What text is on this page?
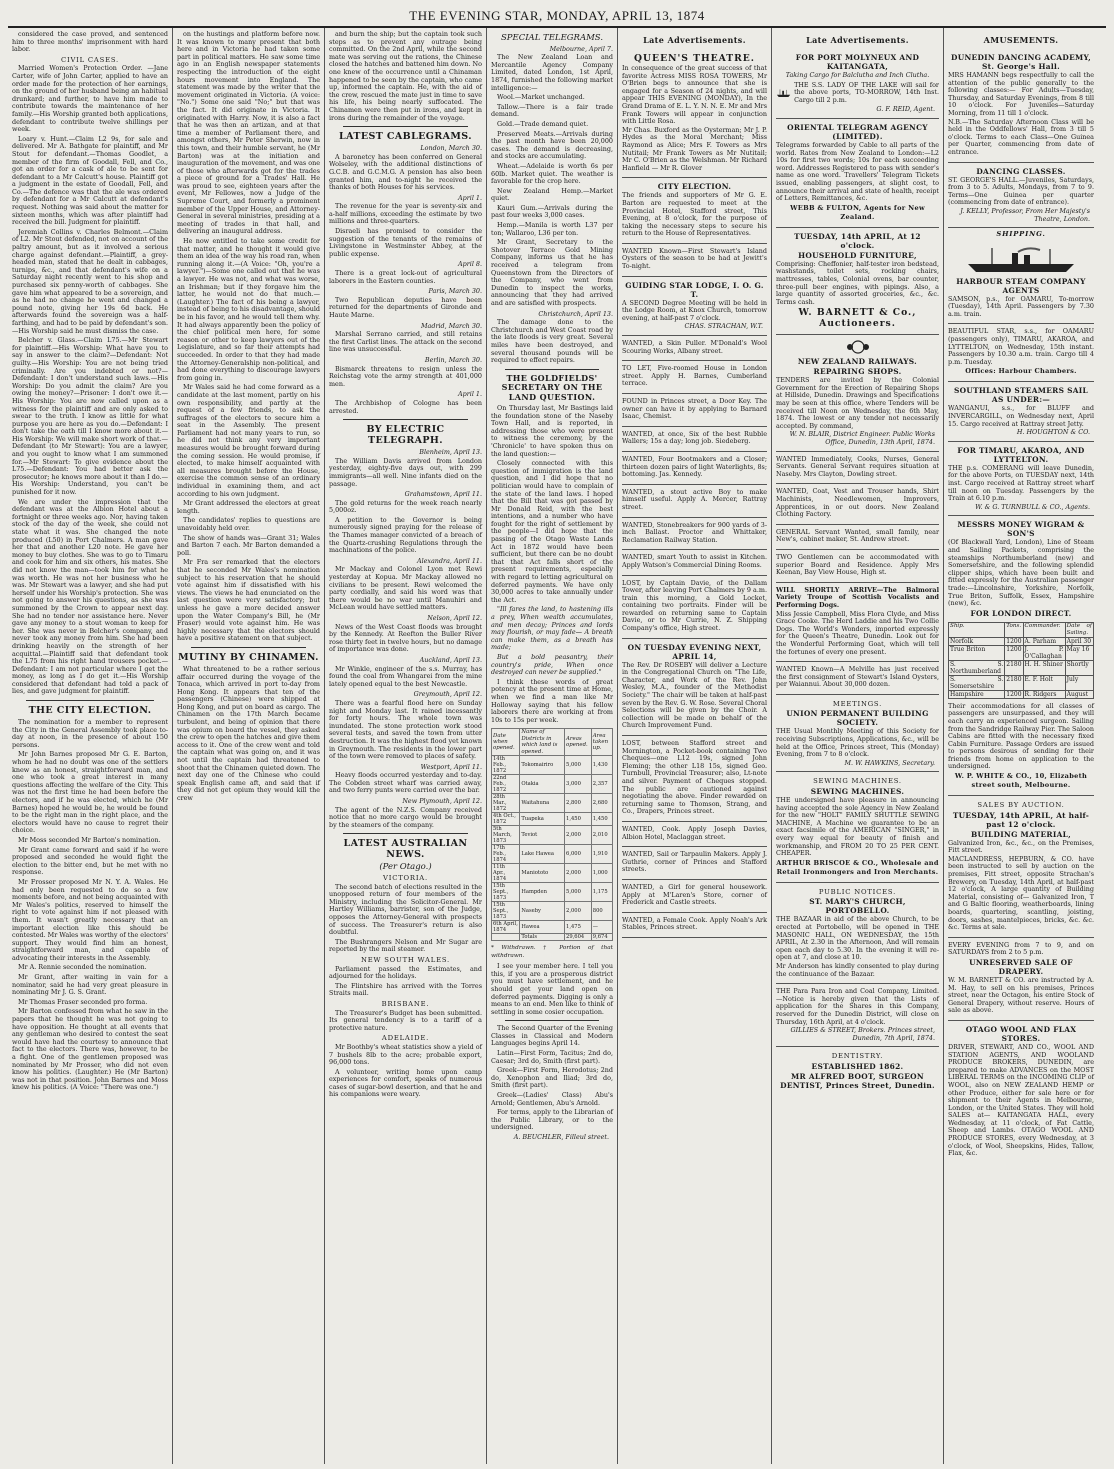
THE EVENING STAR, MONDAY, APRIL 13, 1874

considered the case proved, and sentenced him to three months' imprisonment with hard labor.

CIVIL CASES.

Married Women's Protection Order. —Jane Carter, wife of John Carter, applied to have an order made for the protection of her earnings, on the ground of her husband being an habitual drunkard; and further, to have him made to contribute towards the maintenance of her family.—His Worship granted both applications, defendant to contribute twelve shillings per week.

Loary v. Hunt.—Claim L2 9s, for sale and delivered. Mr A. Bathgate for plaintiff, and Mr Stout for defendant.—Thomas Goodlet, a member of the firm of Goodall, Fell, and Co., got an order for a cask of ale to be sent for defendant to a Mr Calcutt's house. Plaintiff got a judgment in the estate of Goodall, Fell, and Co.—The defence was that the ale was ordered by defendant for a Mr Calcutt at defendant's request. Nothing was said about the matter for sixteen months, which was after plaintiff had received the bill. Judgment for plaintiff.

Jeremiah Collins v. Charles Belmont.—Claim of L2. Mr Stout defended, not on account of the paltry amount, but as it involved a serious charge against defendant.—Plaintiff, a grey-headed man, stated that he dealt in cabbages, turnips, &c., and that defendant's wife on a Saturday night recently went to his shop and purchased six penny-worth of cabbages. She gave him what appeared to be a sovereign, and as he had no change he went and changed a pound note, giving her 19s 6d back. He afterwards found the sovereign was a half-farthing, and had to be paid by defendant's son.—His Worship said he must dismiss the case.

Belcher v. Glass.—Claim L75.—Mr Stewart for plaintiff.—His Worship: What have you to say in answer to the claim?—Defendant: Not guilty.—His Worship: You are not being tried criminally. Are you indebted or not?—Defendant: I don't understand such laws.—His Worship: Do you admit the claim? Are you owing the money?—Prisoner: I don't owe it.—His Worship: You are now called upon as a witness for the plaintiff and are only asked to swear to the truth. I know as little for what purpose you are here as you do.—Defendant: I don't take the oath till I know more about it.—His Worship: We will make short work of that.—Defendant (to Mr Stewart): You are a lawyer, and you ought to know what I am summoned for.—Mr Stewart: To give evidence about the L75.—Defendant: You had better ask the prosecutor; he knows more about it than I do.—His Worship: Understand, you can't be punished for it now.

We are under the impression that the defendant was at the Albion Hotel about a fortnight or three weeks ago. Nor, having taken stock of the day of the week, she could not state what it was. She changed the note produced (L50) in Port Chalmers. A man gave her that and another L20 note. He gave her money to buy clothes. She was to go to Timaru and cook for him and six others, his mates. She did not know the man—took him for what he was worth. He was not her business who he was. Mr Stewart was a lawyer, and she had put herself under his Worship's protection. She was not going to answer his questions, as she was summoned by the Crown to appear next day. She had no tender nor assistance here. Never gave any money to a stout woman to keep for her. She was never in Belcher's company, and never took any money from him. She had been drinking heavily on the strength of her acquittal.—Plaintiff said that defendant took the L75 from his right hand trousers pocket.—Defendant: I am not particular where I get the money, as long as I do get it.—His Worship considered that defendant had told a pack of lies, and gave judgment for plaintiff.

THE CITY ELECTION.

The nomination for a member to represent the City in the General Assembly took place to-day at noon, in the presence of about 150 persons.

Mr John Barnes proposed Mr G. E. Barton, whom he had no doubt was one of the settlers knew as an honest, straightforward man, and one who took a great interest in many questions affecting the welfare of the City. This was not the first time he had been before the electors, and if he was elected, which he (Mr Barnes) hoped he would be, he would be found to be the right man in the right place, and the electors would have no cause to regret their choice.

Mr Moss seconded Mr Barton's nomination.

Mr Grant came forward and said if he were proposed and seconded he would fight the election to the bitter end, but he met with no response.

Mr Frosser proposed Mr N. Y. A. Wales. He had only been requested to do so a few moments before, and not being acquainted with Mr Wales's politics, reserved to himself the right to vote against him if not pleased with them. It wasn't greatly necessary that an important election like this should be contested. Mr Wales was worthy of the electors' support. They would find him an honest, straightforward man, and capable of advocating their interests in the Assembly.

Mr A. Rennie seconded the nomination.

Mr Grant, after waiting in vain for a nominator, said he had very great pleasure in nominating Mr J. G. S. Grant.

Mr Thomas Fraser seconded pro forma.

Mr Barton confessed from what he saw in the papers that he thought he was not going to have opposition. He thought at all events that any gentleman who desired to contest the seat would have had the courtesy to announce that fact to the electors. There was, however, to be a fight. One of the gentlemen proposed was nominated by Mr Prosser, who did not even know his politics. (Laughter.) He (Mr Barton) was not in that position. John Barnes and Moss knew his politics. (A Voice: "There was one.")

on the hustings and platform before now. It was known to many present that both here and in Victoria he had taken some part in political matters. He saw some time ago in an English newspaper statements respecting the introduction of the eight hours movement into England. The statement was made by the writer that the movement originated in Victoria. (A voice: "No.") Some one said "No;" but that was the fact. It did originate in Victoria. It originated with Harry. Now, it is also a fact that he was then an artizan, and at that time a member of Parliament there, and amongst others, Mr Peter Sherwin, now in this town, and their humble servant, he (Mr Barton) was at the initiation and inauguration of the movement, and was one of those who afterwards got for the trades a piece of ground for a Trades' Hall. He was proud to see, eighteen years after the event, Mr Fellowes, now a Judge of the Supreme Court, and formerly a prominent member of the Upper House, and Attorney-General in several ministries, presiding at a meeting of trades in that hall, and delivering an inaugural address.

He now entitled to take some credit for that matter, and he thought it would give them an idea of the way his road ran, when running along it.—(A Voice: "Oh, you're a lawyer.")—Some one called out that he was a lawyer. He was not, and what was worse, an Irishman; but if they forgave him the latter, he would not do that much.—(Laughter.) The fact of his being a lawyer, instead of being to his disadvantage, should be in his favor, and he would tell them why. It had always apparently been the policy of the chief political men here, for some reason or other to keep lawyers out of the Legislature, and so far their attempts had succeeded. In order to that they had made the Attorney-Generalship non-political, and had done everything to discourage lawyers from going in.

Mr Wales said he had come forward as a candidate at the last moment, partly on his own responsibility, and partly at the request of a few friends, to ask the suffrages of the electors to secure him a seat in the Assembly. The present Parliament had not many years to run, so he did not think any very important measures would be brought forward during the coming session. He would promise, if elected, to make himself acquainted with all measures brought before the House, exercise the common sense of an ordinary individual in examining them, and act according to his own judgment.

Mr Grant addressed the electors at great length.

The candidates' replies to questions are unavoidably held over.

The show of hands was—Grant 31; Wales and Barton 7 each. Mr Barton demanded a poll.

Mr Fra ser remarked that the electors that he seconded Mr Wales's nomination subject to his reservation that he should vote against him if dissatisfied with his views. The views he had enunciated on the last question were very satisfactory; but unless he gave a more decided answer upon the Water Company's Bill, he (Mr Fraser) would vote against him. He was highly necessary that the electors should have a positive statement on that subject.

MUTINY BY CHINAMEN.

What threatened to be a rather serious affair occurred during the voyage of the Tonaca, which arrived in port to-day from Hong Kong. It appears that ten of the passengers (Chinese) were shipped at Hong Kong, and put on board as cargo. The Chinamen on the 17th March became turbulent, and being of opinion that there was opium on board the vessel, they asked the crew to open the hatches and give them access to it. One of the crew went and told the captain what was going on, and it was not until the captain had threatened to shoot that the Chinamen quieted down. The next day one of the Chinese who could speak English came aft, and said that if they did not get opium they would kill the crew

and burn the ship; but the captain took such steps as to prevent any outrage being committed. On the 2nd April, while the second mate was serving out the rations, the Chinese closed the hatches and battened him down. No one knew of the occurrence until a Chinaman happened to be seen by the captain, who came up, informed the captain. He, with the aid of the crew, rescued the mate just in time to save his life, his being nearly suffocated. The Chinamen were then put in irons, and kept in irons during the remainder of the voyage.

LATEST CABLEGRAMS.
London, March 30.

A baronetcy has been conferred on General Wolseley, with the additional distinctions of G.C.B. and G.C.M.G. A pension has also been granted him, and to-night he received the thanks of both Houses for his services.

April 1.

The revenue for the year is seventy-six and a-half millions, exceeding the estimate by two millions and three-quarters.

Disraeli has promised to consider the suggestion of the tenants of the remains of Livingstone in Westminster Abbey, at the public expense.

April 8.

There is a great lock-out of agricultural laborers in the Eastern counties.

Paris, March 30.

Two Republican deputies have been returned for the departments of Gironde and Haute Marne.

Madrid, March 30.

Marshal Serrano carried, and still retains the first Carlist lines. The attack on the second line was unsuccessful.

Berlin, March 30.

Bismarck threatens to resign unless the Reichstag vote the army strength at 401,000 men.

April 1.

The Archbishop of Cologne has been arrested.

BY ELECTRIC TELEGRAPH.
Blenheim, April 13.

The William Davis arrived from London yesterday, eighty-five days out, with 299 immigrants—all well. Nine infants died on the passage.

Grahamstown, April 11.

The gold returns for the week reach nearly 5,000oz.

A petition to the Governor is being numerously signed praying for the release of the Thames manager convicted of a breach of the Quartz-crushing Regulations through the machinations of the police.

Alexandra, April 11.

Mr Mackay and Colonel Lyon met Rewi yesterday at Kopua. Mr Mackay allowed no civilians to be present. Rewi welcomed the party cordially, and said his word was that there would be no war until Manuhiri and McLean would have settled matters.

Nelson, April 12.

News of the West Coast floods was brought by the Kennedy. At Reefton the Buller River rose thirty feet in twelve hours, but no damage of importance was done.

Auckland, April 13.

Mr Winkle, engineer of the s.s. Murray, has found the coal from Whangarei from the mine lately opened equal to the best Newcastle.

Greymouth, April 12.

There was a fearful flood here on Sunday night and Monday last. It rained incessantly for forty hours. The whole town was inundated. The stone protection work stood several tests, and saved the town from utter destruction. It was the highest flood yet known in Greymouth. The residents in the lower part of the town were removed to places of safety.

Westport, April 11.

Heavy floods occurred yesterday and to-day. The Cobden street wharf was carried away, and two ferry punts were carried over the bar.

New Plymouth, April 12.

The agent of the N.Z.S. Company received notice that no more cargo would be brought by the steamers of the company.

LATEST AUSTRALIAN NEWS.
(Per Otago.)
VICTORIA.

The second batch of elections resulted in the unopposed return of four members of the Ministry, including the Solicitor-General. Mr Hartley Williams, barrister, son of the Judge, opposes the Attorney-General with prospects of success. The Treasurer's return is also doubtful.

The Bushrangers Nelson and Mr Sugar are reported by the mail steamer.

NEW SOUTH WALES.

Parliament passed the Estimates, and adjourned for the holidays.

The Flintshire has arrived with the Torres Straits mail.

BRISBANE.

The Treasurer's Budget has been submitted. Its general tendency is to a tariff of a protective nature.

ADELAIDE.

Mr Boothby's wheat statistics show a yield of 7 bushels 8lb to the acre; probable export, 96,000 tons.

A volunteer, writing home upon camp experiences for comfort, speaks of numerous cases of sugar-bowl desertion, and that he and his companions were weary.

SPECIAL TELEGRAMS.
Melbourne, April 7.

The New Zealand Loan and Mercantile Agency Company Limited, dated London, 1st April, 1874, furnished the following market intelligence:—

Wool.—Market unchanged.

Tallow.—There is a fair trade demand.

Gold.—Trade demand quiet.

Preserved Meats.—Arrivals during the past month have been 20,000 cases. The demand is decreasing, and stocks are accumulating.

Wheat.—Adelaide is worth 6s per 60lb. Market quiet. The weather is favorable for the crop here.

New Zealand Hemp.—Market quiet.

Kauri Gum.—Arrivals during the past four weeks 3,000 cases.

Hemp.—Manila is worth L37 per ton; Wallaroo, L36 per ton.

Mr Grant, Secretary to the Shotover Terrace Gold Mining Company, informs us that he has received a telegram from Queenstown from the Directors of the Company, who went from Dunedin to inspect the works, announcing that they had arrived and are satisfied with prospects.

Christchurch, April 13.

The damage done to the Christchurch and West Coast road by the late floods is very great. Several miles have been destroyed, and several thousand pounds will be required to effect repairs.

THE GOLDFIELDS' SECRETARY ON THE LAND QUESTION.

On Thursday last, Mr Bastings laid the foundation stone of the Naseby Town Hall, and is reported, in addressing those who were present to witness the ceremony, by the 'Chronicle' to have spoken thus on the land question:—

Closely connected with this question of immigration is the land question, and I did hope that no politician would have to complain of the state of the land laws. I hoped that the Bill that was got passed by Mr Donald Reid, with the best intentions, and a number who have fought for the right of settlement by the people—I did hope that the passing of the Otago Waste Lands Act in 1872 would have been sufficient, but there can be no doubt that that Act falls short of the present requirements, especially with regard to letting agricultural on deferred payments. We have only 30,000 acres to take annually under the Act.

"Ill fares the land, to hastening ills a prey, When wealth accumulates, and men decay; Princes and lords may flourish, or may fade— A breath can make them, as a breath has made;

But a bold peasantry, their country's pride, When once destroyed can never be supplied."

I think these words of great potency at the present time at Home, when we find a man like Mr Holloway saying that his fellow laborers there are working at from 10s to 15s per week.

Date when opened.	Name of Districts in which land is opened.	Areas opened.	Area taken up.
14th Feb., 1872	Tokomairiro	5,000	1,430
22nd Feb., 1872	Otakia	3,000	2,357
28th Mar., 1872	Waitahuna	2,800	2,680
4th Oct., 1872	Tuapeka	1,450	1,450
5th March, 1873	Teviot	2,000	2,010
17th Feb., 1874	Lake Hawea	6,000	1,910
11th Apr., 1874	Maniototo	2,000	1,000
15th Sept., 1873	Hampden	5,000	1,175
15th Sept., 1873	Naseby	2,000	800
6th April, 1874	Hawea	1,475	—
	Totals	29,604	9,674
* Withdrawn. † Portion of that withdrawn.

I see your member here. I tell you this, if you are a prosperous district you must have settlement, and he should get your land open on deferred payments. Digging is only a means to an end. Men like to think of settling in some cosier occupation.

The Second Quarter of the Evening Classes in Classical and Modern Languages begins April 14.

Latin—First Form, Tacitus; 2nd do, Caesar; 3rd do, Smith (first part).

Greek—First Form, Herodotus; 2nd do, Xenophon and Iliad; 3rd do, Smith (first part).

Greek—(Ladies' Class) Abu's Arnold; Gentlemen, Abu's Arnold.

For terms, apply to the Librarian of the Public Library, or to the undersigned.

A. BEUCHLER, Filleul street.
Late Advertisements.
QUEEN'S THEATRE.

In consequence of the great success of that favorite Actress MISS ROSA TOWERS, Mr O'Brien begs to announce that she is engaged for a Season of 24 nights, and will appear THIS EVENING (MONDAY), In the Grand Drama of E. L. Y. N. N. E. Mr and Mrs Frank Towers will appear in conjunction with Little Rosa.

Mr Chas. Buxford as the Oysterman; Mr J. P. Hydes as the Moral Merchant; Miss Raymond as Alice; Mrs F. Towers as Mrs Nutitail; Mr Frank Towers as Mr Nutitail; Mr C. O'Brien as the Welshman. Mr Richard Hanfield — Mr R. Glover

CITY ELECTION.

The friends and supporters of Mr G. E. Barton are requested to meet at the Provincial Hotel, Stafford street, This Evening, at 8 o'clock, for the purpose of taking the necessary steps to secure his return to the House of Representatives.

WANTED Known—First Stewart's Island Oysters of the season to be had at Jewitt's To-night.

GUIDING STAR LODGE, I. O. G. T.

A SECOND Degree Meeting will be held in the Lodge Room, at Knox Church, tomorrow evening, at half-past 7 o'clock.

CHAS. STRACHAN, W.T.

WANTED, a Skin Puller. M'Donald's Wool Scouring Works, Albany street.

TO LET, Five-roomed House in London street. Apply H. Barnes, Cumberland terrace.

FOUND in Princes street, a Door Key. The owner can have it by applying to Barnard Isaac, Chemist.

WANTED, at once, Six of the best Rubble Wallers; 15s a day; long job. Siedeberg.

WANTED, Four Bootmakers and a Closer; thirteen dozen pairs of light Waterlights, 8s; bottoming. Jas. Kennedy.

WANTED, a stout active Boy to make himself useful. Apply A. Mercer, Rattray street.

WANTED, Stonebreakers for 900 yards of 3-inch Ballast. Proctor and Whittaker, Reclamation Railway Station.

WANTED, smart Youth to assist in Kitchen. Apply Watson's Commercial Dining Rooms.

LOST, by Captain Davie, of the Dallam Tower, after leaving Port Chalmers by 9 a.m. train this morning, a Gold Locket, containing two portraits. Finder will be rewarded on returning same to Captain Davie, or to Mr Currie, N. Z. Shipping Company's office, High street.

ON TUESDAY EVENING NEXT, APRIL 14,

The Rev. Dr ROSEBY will deliver a Lecture in the Congregational Church on "The Life, Character, and Work of the Rev. John Wesley, M.A., founder of the Methodist Society." The chair will be taken at half-past seven by the Rev. G. W. Rose. Several Choral Selections will be given by the Choir. A collection will be made on behalf of the Church Improvement Fund.

LOST, between Stafford street and Mornington, a Pocket-book containing Two Cheques—one L12 19s, signed John Fleming; the other L18 15s, signed Geo. Turnbull, Provincial Treasurer; also, Lt-note and silver. Payment of Cheques stopped. The public are cautioned against negotiating the above. Finder rewarded on returning same to Thomson, Strang, and Co., Drapers, Princes street.

WANTED, Cook. Apply Joseph Davies, Albion Hotel, Maclaggan street.

WANTED, Sail or Tarpaulin Makers. Apply J. Guthrie, corner of Princes and Stafford streets.

WANTED, a Girl for general housework. Apply at M'Laren's Store, corner of Frederick and Castle streets.

WANTED, a Female Cook. Apply Noah's Ark Stables, Princes street.

Late Advertisements.
FOR PORT MOLYNEUX AND KAITANGATA,

Taking Cargo for Balclutha and Inch Clutha.

THE S.S. LADY OF THE LAKE will sail for the above ports, TO-MORROW, 14th Inst. Cargo till 2 p.m.

G. F. REID, Agent.
ORIENTAL TELEGRAM AGENCY (LIMITED).

Telegrams forwarded by Cable to all parts of the world. Rates from New Zealand to London:—L2 10s for first two words; 10s for each succeeding word. Addresses Registered to pass with sender's name as one word. Travellers' Telegram Tickets issued, enabling passengers, at slight cost, to announce their arrival and state of health, receipt of Letters, Remittances, &c.

WEBB & FULTON, Agents for New Zealand.
TUESDAY, 14th APRIL, At 12 o'clock.
HOUSEHOLD FURNITURE,

Comprising: Cheffonier, half-tester iron bedstead, washstands, toilet sets, rocking chairs, mattresses, tables, Colonial ovens, bar counter, three-pull beer engines, with pipings. Also, a large quantity of assorted groceries, &c., &c. Terms cash.

W. BARNETT & Co., Auctioneers.
NEW ZEALAND RAILWAYS.
REPAIRING SHOPS.

TENDERS are invited by the Colonial Government for the Erection of Repairing Shops at Hillside, Dunedin. Drawings and Specifications may be seen at this office, where Tenders will be received till Noon on Wednesday, the 6th May, 1874. The lowest or any tender not necessarily accepted. By command,

W. N. BLAIR, District Engineer. Public Works Office, Dunedin, 13th April, 1874.

WANTED Immediately, Cooks, Nurses, General Servants. General Servant requires situation at Naseby. Mrs Clayton, Dowling street.

WANTED, Coat, Vest and Trouser hands, Shirt Machinists, Needlewomen, Improvers, Apprentices, in or out doors. New Zealand Clothing Factory.

GENERAL Servant Wanted, small family, near New's, cabinet maker, St. Andrew street.

TWO Gentlemen can be accommodated with superior Board and Residence. Apply Mrs Keenan, Bay View House, High st.

WILL SHORTLY ARRIVE—The Balmoral Variety Troupe of Scottish Vocalists and Performing Dogs.

Miss Jessie Campbell, Miss Flora Clyde, and Miss Grace Cooke. The Herd Laddie and his Two Collie Dogs. The World's Wonders, imported expressly for the Queen's Theatre, Dunedin. Look out for the Wonderful Performing Goat, which will tell the fortunes of every one present.

WANTED Known—A Melville has just received the first consignment of Stewart's Island Oysters, per Waiannui. About 30,000 dozen.

MEETINGS.
UNION PERMANENT BUILDING SOCIETY.

THE Usual Monthly Meeting of this Society for receiving Subscriptions, Applications, &c., will be held at the Office, Princes street, This (Monday) Evening, from 7 to 8 o'clock.

M. W. HAWKINS, Secretary.
SEWING MACHINES.
SEWING MACHINES.

THE undersigned have pleasure in announcing having accepted the sole Agency in New Zealand for the new "HOLT" FAMILY SHUTTLE SEWING MACHINE, A Machine we guarantee to be an exact facsimile of the AMERICAN "SINGER," in every way equal for beauty of finish and workmanship, and FROM 20 TO 25 PER CENT. CHEAPER.

ARTHUR BRISCOE & CO., Wholesale and Retail Ironmongers and Iron Merchants.
PUBLIC NOTICES.
ST. MARY'S CHURCH, PORTOBELLO.

THE BAZAAR in aid of the above Church, to be erected at Portobello, will be opened in THE MASONIC HALL, ON WEDNESDAY, the 15th APRIL, At 2.30 in the Afternoon, And will remain open each day to 5.30. In the evening it will re-open at 7, and close at 10.

Mr Anderson has kindly consented to play during the continuance of the Bazaar.

THE Para Para Iron and Coal Company, Limited.—Notice is hereby given that the Lists of application for the Shares in this Company, reserved for the Dunedin District, will close on Thursday, 16th April, at 4 o'clock.

GILLIES & STREET, Brokers. Princes street, Dunedin, 7th April, 1874.
DENTISTRY.
ESTABLISHED 1862.
MR ALFRED BOOT, SURGEON DENTIST, Princes Street, Dunedin.
AMUSEMENTS.
DUNEDIN DANCING ACADEMY, St. George's Hall.

MRS HAMANN begs respectfully to call the attention of the public generally to the following classes:— For Adults—Tuesday, Thursday, and Saturday Evenings, from 8 till 10 o'clock. For Juveniles—Saturday Morning, from 11 till 1 o'clock.

N.B.—The Saturday Afternoon Class will be held in the Oddfellows' Hall, from 3 till 5 o'clock. Terms to each Class—One Guinea per Quarter, commencing from date of entrance.

DANCING CLASSES.

ST. GEORGE'S HALL.—Juveniles, Saturdays, from 3 to 5. Adults, Mondays, from 7 to 9. Terms—One Guinea per quarter (commencing from date of entrance).

J. KELLY, Professor, From Her Majesty's Theatre, London.
SHIPPING.
HARBOUR STEAM COMPANY AGENTS

SAMSON, p.s., for OAMARU, To-morrow (Tuesday), 14th April. Passengers by 7.30 a.m. train.

BEAUTIFUL STAR, s.s., for OAMARU (passengers only), TIMARU, AKAROA, and LYTTELTON, on Wednesday, 15th instant. Passengers by 10.30 a.m. train. Cargo till 4 p.m. Tuesday.

Offices: Harbour Chambers.
SOUTHLAND STEAMERS SAIL AS UNDER:—

WANGANUI, s.s., for BLUFF and INVERCARGILL, on Wednesday next, April 15. Cargo received at Rattray street Jetty.

H. HOUGHTON & CO.
FOR TIMARU, AKAROA, AND LYTTELTON.

THE p.s. COMERANG will leave Dunedin, for the above Ports, on TUESDAY next, 14th inst. Cargo received at Rattray street wharf till noon on Tuesday. Passengers by the Train at 6.10 p.m.

W. & G. TURNBULL & CO., Agents.
MESSRS MONEY WIGRAM & SON'S

(Of Blackwall Yard, London), Line of Steam and Sailing Packets, comprising the steamships Northumberland (new) and Somersetshire, and the following splendid clipper ships, which have been built and fitted expressly for the Australian passenger trade:—Lincolnshire, Yorkshire, Norfolk, True Briton, Suffolk, Essex, Hampshire (new), &c.

FOR LONDON DIRECT.
Ship.	Tons.	Commander.	Date of Sailing.
Norfolk	1200	A. Parham	April 30
True Briton	1200	J. P. O'Callaghan	May 16
S. S. Northumberland	2180	H. H. Shiner	Shortly
S. S. Somersetshire	2180	E. F. Holt	July
Hampshire	1200	R. Ridgers	August

Their accommodations for all classes of passengers are unsurpassed, and they will each carry an experienced surgeon. Sailing from the Sandridge Railway Pier. The Saloon Cabins are fitted with the necessary fixed Cabin Furniture. Passage Orders are issued to persons desirous of sending for their friends from home on application to the undersigned.

W. P. WHITE & CO., 10, Elizabeth street south, Melbourne.
SALES BY AUCTION.
TUESDAY, 14th APRIL, At half-past 12 o'clock.
BUILDING MATERIAL,

Galvanized Iron, &c., &c., on the Premises, Fitt street.

MACLANDRESS, HEPBURN, & CO. have been instructed to sell by auction on the premises, Fitt street, opposite Strachan's Brewery, on Tuesday, 14th April, at half-past 12 o'clock, A large quantity of Building Material, consisting of— Galvanized Iron, T and G Baltic flooring, weatherboards, lining boards, quartering, scantling, joisting, doors, sashes, mantelpieces, bricks, &c. &c. &c. Terms at sale.

EVERY EVENING from 7 to 9, and on SATURDAYS from 2 to 5 p.m.

UNRESERVED SALE OF DRAPERY.

W. M. BARNETT & CO. are instructed by A. M. Hay, to sell on his premises, Princes street, near the Octagon, his entire Stock of General Drapery, without reserve. Hours of sale as above.

OTAGO WOOL AND FLAX STORES.

DRIVER, STEWART, AND CO., WOOL AND STATION AGENTS, AND WOOLAND PRODUCE BROKERS, DUNEDIN, are prepared to make ADVANCES on the MOST LIBERAL TERMS on the INCOMING CLIP of WOOL, also on NEW ZEALAND HEMP or other Produce, either for sale here or for shipment to their Agents in Melbourne, London, or the United States. They will hold SALES at— KAITANGATA HALL, every Wednesday, at 11 o'clock, of Fat Cattle, Sheep and Lambs. OTAGO WOOL AND PRODUCE STORES, every Wednesday, at 3 o'clock, of Wool, Sheepskins, Hides, Tallow, Flax, &c.
